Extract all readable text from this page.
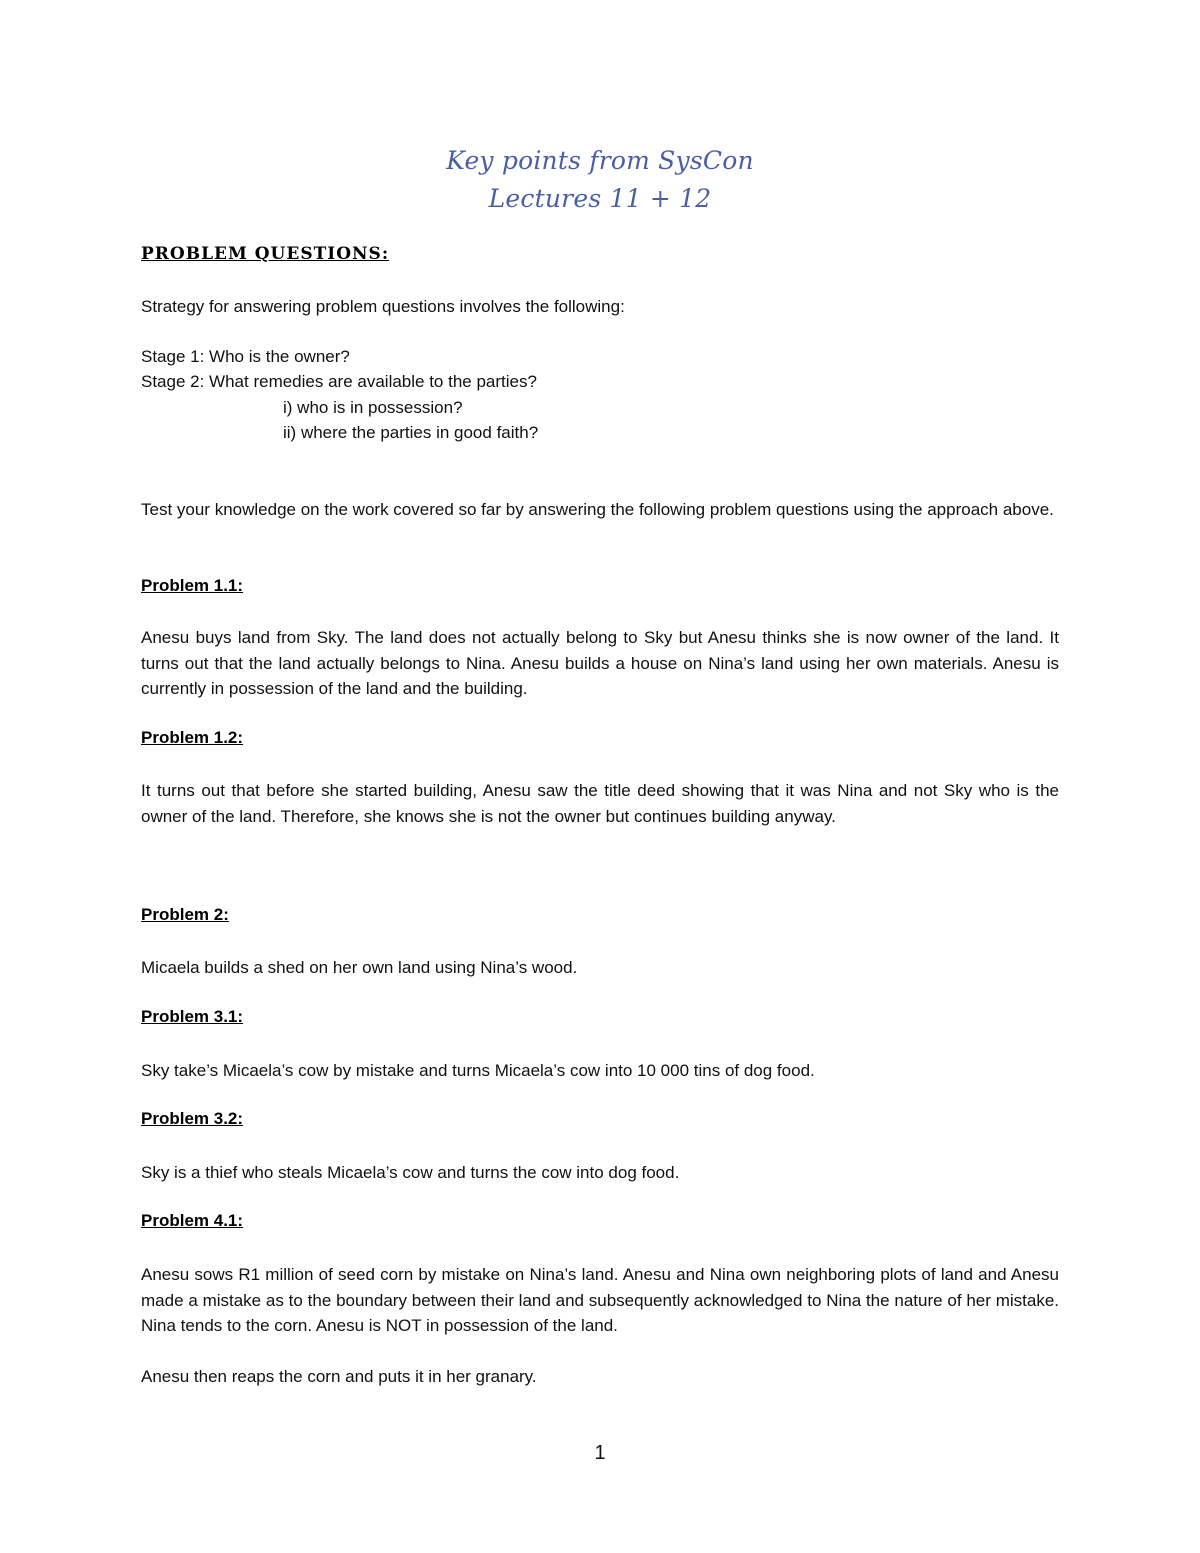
Key points from SysCon
Lectures 11 + 12
PROBLEM QUESTIONS:
Strategy for answering problem questions involves the following:
Stage 1: Who is the owner?
Stage 2: What remedies are available to the parties?
i) who is in possession?
ii) where the parties in good faith?
Test your knowledge on the work covered so far by answering the following problem questions using the approach above.
Problem 1.1:
Anesu buys land from Sky. The land does not actually belong to Sky but Anesu thinks she is now owner of the land. It turns out that the land actually belongs to Nina. Anesu builds a house on Nina’s land using her own materials. Anesu is currently in possession of the land and the building.
Problem 1.2:
It turns out that before she started building, Anesu saw the title deed showing that it was Nina and not Sky who is the owner of the land. Therefore, she knows she is not the owner but continues building anyway.
Problem 2:
Micaela builds a shed on her own land using Nina’s wood.
Problem 3.1:
Sky take’s Micaela’s cow by mistake and turns Micaela’s cow into 10 000 tins of dog food.
Problem 3.2:
Sky is a thief who steals Micaela’s cow and turns the cow into dog food.
Problem 4.1:
Anesu sows R1 million of seed corn by mistake on Nina’s land. Anesu and Nina own neighboring plots of land and Anesu made a mistake as to the boundary between their land and subsequently acknowledged to Nina the nature of her mistake. Nina tends to the corn. Anesu is NOT in possession of the land.
Anesu then reaps the corn and puts it in her granary.
1
